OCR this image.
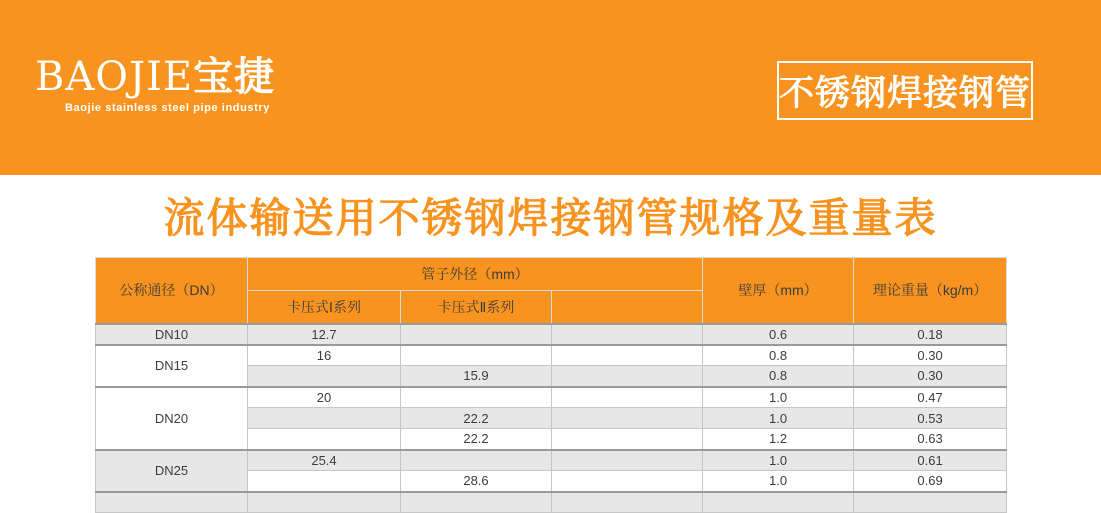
BAOJIE宝捷
Baojie stainless steel pipe industry	不锈钢焊接钢管
流体输送用不锈钢焊接钢管规格及重量表
公称通径（DN）	管子外径（mm）			壁厚（mm）	理论重量（kg/m）
	卡压式Ⅰ系列	卡压式Ⅱ系列			
DN10	12.7			0.6	0.18
DN15	16			0.8	0.30
		15.9		0.8	0.30
DN20	20			1.0	0.47
		22.2		1.0	0.53
		22.2		1.2	0.63
DN25	25.4			1.0	0.61
		28.6		1.0	0.69
